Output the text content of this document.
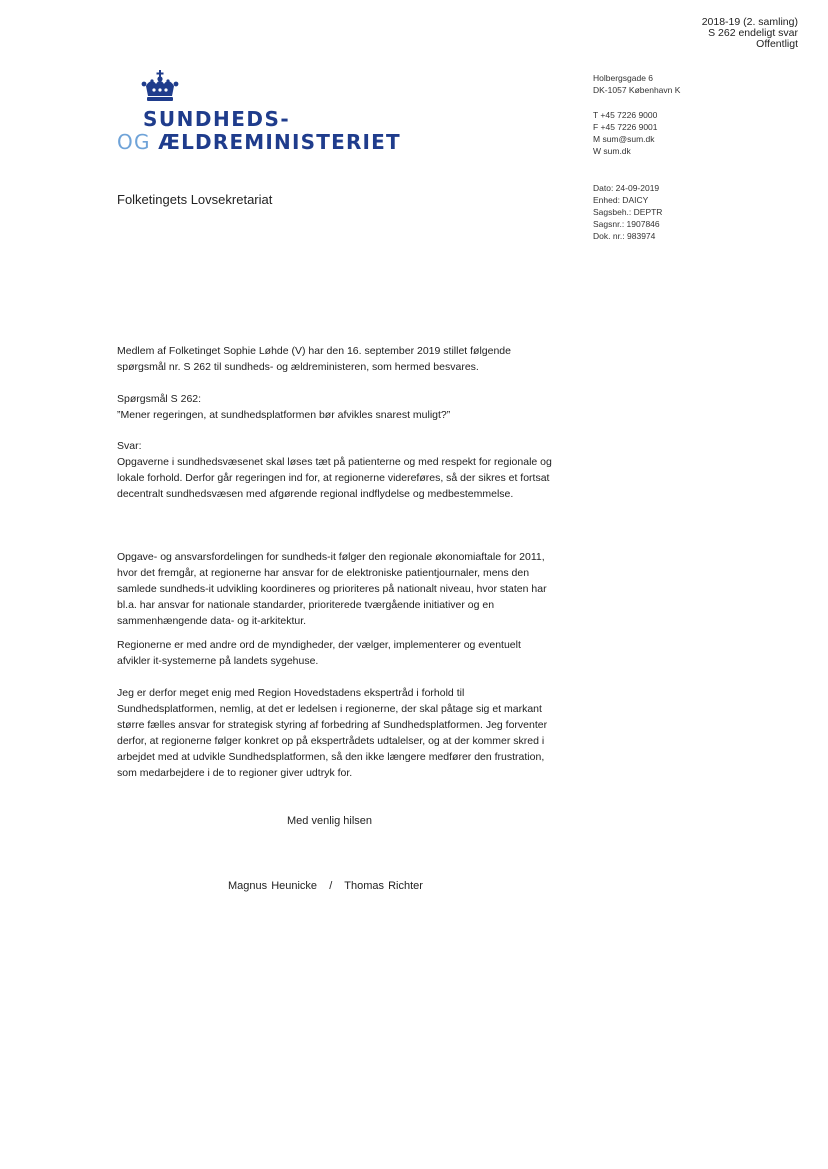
2018-19 (2. samling)
S 262 endeligt svar
Offentligt
SUNDHEDS-
OG ÆLDREMINISTERIET
Holbergsgade 6
DK-1057 København K
T +45 7226 9000
F +45 7226 9001
M sum@sum.dk
W sum.dk
Dato: 24-09-2019
Enhed: DAICY
Sagsbeh.: DEPTR
Sagsnr.: 1907846
Dok. nr.: 983974
Folketingets Lovsekretariat

Medlem af Folketinget Sophie Løhde (V) har den 16. september 2019 stillet følgende spørgsmål nr. S 262 til sundheds- og ældreministeren, som hermed besvares.

Spørgsmål S 262:

”Mener regeringen, at sundhedsplatformen bør afvikles snarest muligt?”

Svar:

Opgaverne i sundhedsvæsenet skal løses tæt på patienterne og med respekt for regionale og lokale forhold. Derfor går regeringen ind for, at regionerne videreføres, så der sikres et fortsat decentralt sundhedsvæsen med afgørende regional indflydelse og medbestemmelse.

Opgave- og ansvarsfordelingen for sundheds-it følger den regionale økonomiaftale for 2011, hvor det fremgår, at regionerne har ansvar for de elektroniske patientjournaler, mens den samlede sundheds-it udvikling koordineres og prioriteres på nationalt niveau, hvor staten har bl.a. har ansvar for nationale standarder, prioriterede tværgående initiativer og en sammenhængende data- og it-arkitektur.

Regionerne er med andre ord de myndigheder, der vælger, implementerer og eventuelt afvikler it-systemerne på landets sygehuse.

Jeg er derfor meget enig med Region Hovedstadens ekspertråd i forhold til Sundhedsplatformen, nemlig, at det er ledelsen i regionerne, der skal påtage sig et markant større fælles ansvar for strategisk styring af forbedring af Sundhedsplatformen. Jeg forventer derfor, at regionerne følger konkret op på ekspertrådets udtalelser, og at der kommer skred i arbejdet med at udvikle Sundhedsplatformen, så den ikke længere medfører den frustration, som medarbejdere i de to regioner giver udtryk for.

Med venlig hilsen
Magnus Heunicke / Thomas Richter
